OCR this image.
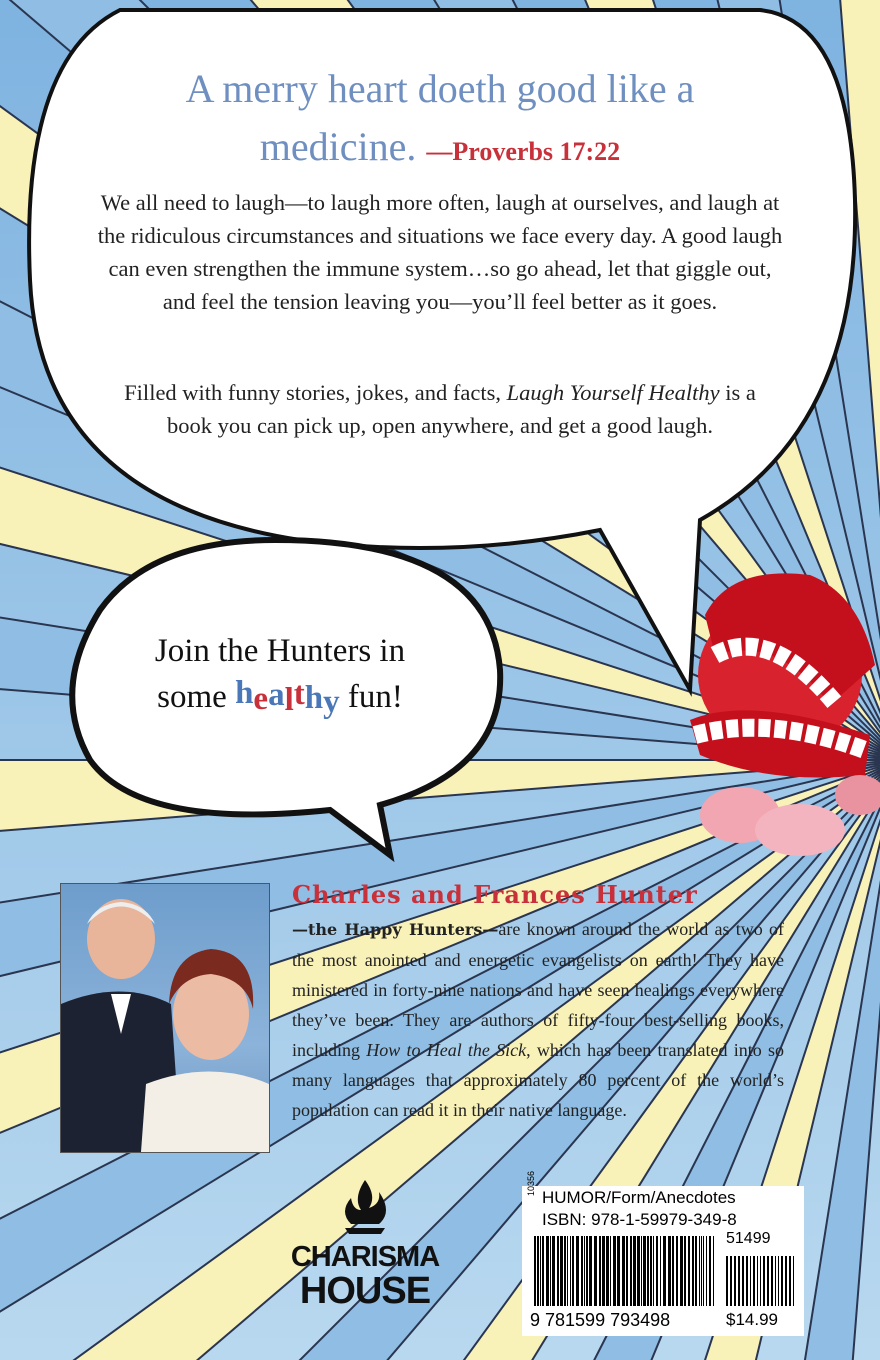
A merry heart doeth good like a medicine. —Proverbs 17:22
We all need to laugh—to laugh more often, laugh at ourselves, and laugh at the ridiculous circumstances and situations we face every day. A good laugh can even strengthen the immune system…so go ahead, let that giggle out, and feel the tension leaving you—you’ll feel better as it goes.
Filled with funny stories, jokes, and facts, Laugh Yourself Healthy is a book you can pick up, open anywhere, and get a good laugh.
Join the Hunters in
some healthy fun!
Charles and Frances Hunter
—the Happy Hunters—are known around the world as two of the most anointed and energetic evangelists on earth! They have ministered in forty-nine nations and have seen healings everywhere they’ve been. They are authors of fifty-four best-selling books, including How to Heal the Sick, which has been translated into so many languages that approximately 80 percent of the world’s population can read it in their native language.
CHARISMA
HOUSE
10356
HUMOR/Form/Anecdotes
ISBN: 978-1-59979-349-8
51499
9 781599 793498	$14.99
